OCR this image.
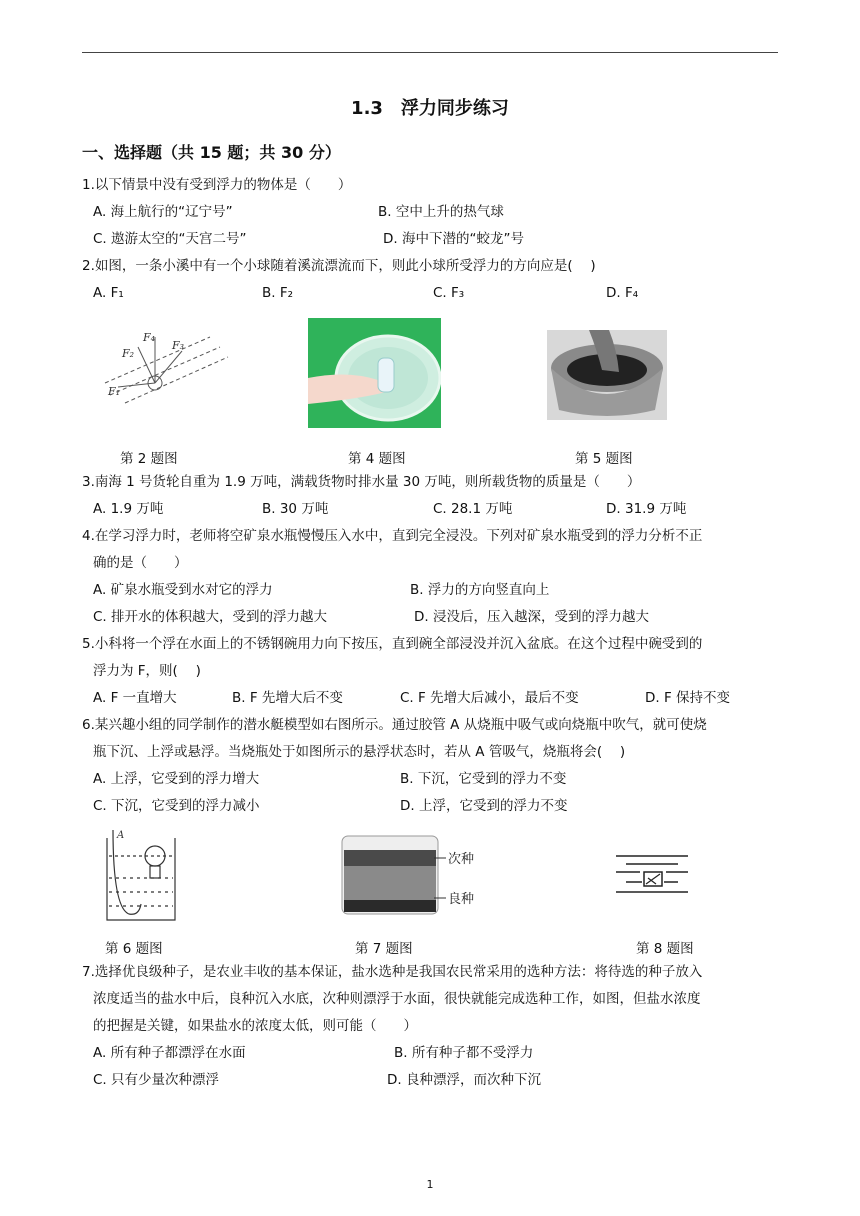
1.3　浮力同步练习
一、选择题（共 15 题；共 30 分）
1.以下情景中没有受到浮力的物体是（　　）
A. 海上航行的“辽宁号”	B. 空中上升的热气球
C. 遨游太空的“天宫二号”	D. 海中下潜的“蛟龙”号
2.如图，一条小溪中有一个小球随着溪流漂流而下，则此小球所受浮力的方向应是(　 )
A. F₁	B. F₂	C. F₃	D. F₄
F₄
F₃
F₂
F₁
第 2 题图	第 4 题图	第 5 题图
3.南海 1 号货轮自重为 1.9 万吨，满载货物时排水量 30 万吨，则所载货物的质量是（　　）
A. 1.9 万吨	B. 30 万吨	C. 28.1 万吨	D. 31.9 万吨
4.在学习浮力时，老师将空矿泉水瓶慢慢压入水中，直到完全浸没。下列对矿泉水瓶受到的浮力分析不正
确的是（　　）
A. 矿泉水瓶受到水对它的浮力	B. 浮力的方向竖直向上
C. 排开水的体积越大，受到的浮力越大	D. 浸没后，压入越深，受到的浮力越大
5.小科将一个浮在水面上的不锈钢碗用力向下按压，直到碗全部浸没并沉入盆底。在这个过程中碗受到的
浮力为 F，则(　 )
A. F 一直增大	B. F 先增大后不变	C. F 先增大后减小，最后不变	D. F 保持不变
6.某兴趣小组的同学制作的潜水艇模型如右图所示。通过胶管 A 从烧瓶中吸气或向烧瓶中吹气，就可使烧
瓶下沉、上浮或悬浮。当烧瓶处于如图所示的悬浮状态时，若从 A 管吸气，烧瓶将会(　 )
A. 上浮，它受到的浮力增大	B. 下沉，它受到的浮力不变
C. 下沉，它受到的浮力减小	D. 上浮，它受到的浮力不变
A
次种
良种
第 6 题图	第 7 题图	第 8 题图
7.选择优良级种子，是农业丰收的基本保证，盐水选种是我国农民常采用的选种方法：将待选的种子放入
浓度适当的盐水中后，良种沉入水底，次种则漂浮于水面，很快就能完成选种工作，如图，但盐水浓度
的把握是关键，如果盐水的浓度太低，则可能（　　）
A. 所有种子都漂浮在水面	B. 所有种子都不受浮力
C. 只有少量次种漂浮	D. 良种漂浮，而次种下沉
1
